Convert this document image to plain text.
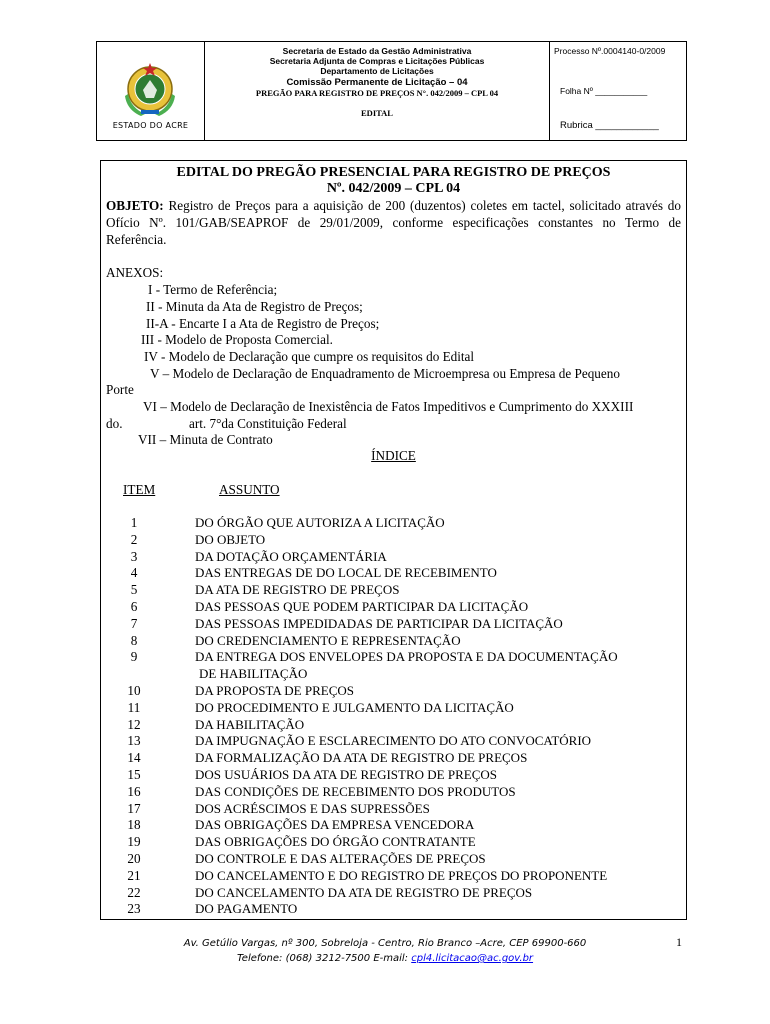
ESTADO DO ACRE
Secretaria de Estado da Gestão Administrativa
Secretaria Adjunta de Compras e Licitações Públicas
Departamento de Licitações
Comissão Permanente de Licitação – 04
PREGÃO PARA REGISTRO DE PREÇOS N°. 042/2009 – CPL 04
EDITAL
Processo Nº.0004140-0/2009
Folha Nº ___________
Rubrica ____________
EDITAL DO PREGÃO PRESENCIAL PARA REGISTRO DE PREÇOS
Nº. 042/2009 – CPL 04
OBJETO: Registro de Preços para a aquisição de 200 (duzentos) coletes em tactel, solicitado através do Ofício Nº. 101/GAB/SEAPROF de 29/01/2009, conforme especificações constantes no Termo de Referência.
ANEXOS:
I - Termo de Referência;
II - Minuta da Ata de Registro de Preços;
II-A - Encarte I a Ata de Registro de Preços;
III - Modelo de Proposta Comercial.
IV - Modelo de Declaração que cumpre os requisitos do Edital
V – Modelo de Declaração de Enquadramento de Microempresa ou Empresa de Pequeno
Porte
VI – Modelo de Declaração de Inexistência de Fatos Impeditivos e Cumprimento do XXXIII
do.	art. 7°da Constituição Federal
VII – Minuta de Contrato
ÍNDICE
ITEM	ASSUNTO
1	DO ÓRGÃO QUE AUTORIZA A LICITAÇÃO
2	DO OBJETO
3	DA DOTAÇÃO ORÇAMENTÁRIA
4	DAS ENTREGAS DE DO LOCAL DE RECEBIMENTO
5	DA ATA DE REGISTRO DE PREÇOS
6	DAS PESSOAS QUE PODEM PARTICIPAR DA LICITAÇÃO
7	DAS PESSOAS IMPEDIDADAS DE PARTICIPAR DA LICITAÇÃO
8	DO CREDENCIAMENTO E REPRESENTAÇÃO
9	DA ENTREGA DOS ENVELOPES DA PROPOSTA E DA DOCUMENTAÇÃO
DE HABILITAÇÃO
10	DA PROPOSTA DE PREÇOS
11	DO PROCEDIMENTO E JULGAMENTO DA LICITAÇÃO
12	DA HABILITAÇÃO
13	DA IMPUGNAÇÃO E ESCLARECIMENTO DO ATO CONVOCATÓRIO
14	DA FORMALIZAÇÃO DA ATA DE REGISTRO DE PREÇOS
15	DOS USUÁRIOS DA ATA DE REGISTRO DE PREÇOS
16	DAS CONDIÇÕES DE RECEBIMENTO DOS PRODUTOS
17	DOS ACRÉSCIMOS E DAS SUPRESSÕES
18	DAS OBRIGAÇÕES DA EMPRESA VENCEDORA
19	DAS OBRIGAÇÕES DO ÓRGÃO CONTRATANTE
20	DO CONTROLE E DAS ALTERAÇÕES DE PREÇOS
21	DO CANCELAMENTO E DO REGISTRO DE PREÇOS DO PROPONENTE
22	DO CANCELAMENTO DA ATA DE REGISTRO DE PREÇOS
23	DO PAGAMENTO
Av. Getúlio Vargas, nº 300, Sobreloja - Centro, Rio Branco –Acre, CEP 69900-660
Telefone: (068) 3212-7500 E-mail: cpl4.licitacao@ac.gov.br
1
